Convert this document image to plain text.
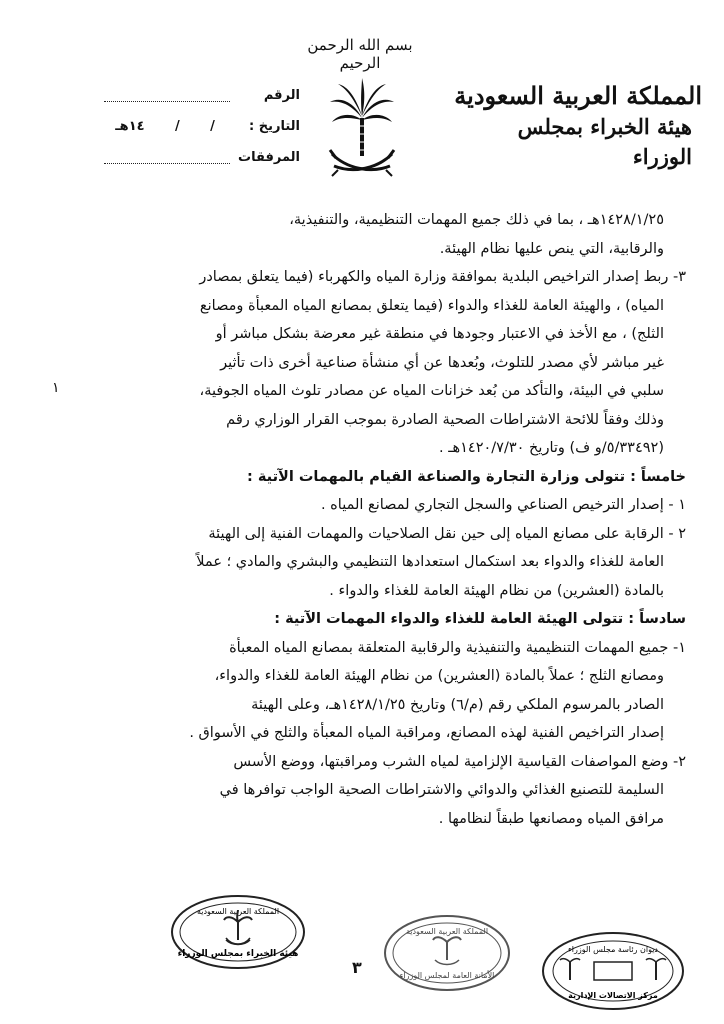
بسم الله الرحمن الرحيم
المملكة العربية السعودية
هيئة الخبراء بمجلس الوزراء
الرقم
التاريخ :
/
/
١٤هـ
المرفقات
١٤٢٨/١/٢٥هـ ، بما في ذلك جميع المهمات التنظيمية، والتنفيذية،
والرقابية، التي ينص عليها نظام الهيئة.
٣- ربط إصدار التراخيص البلدية بموافقة وزارة المياه والكهرباء (فيما يتعلق بمصادر
المياه) ، والهيئة العامة للغذاء والدواء (فيما يتعلق بمصانع المياه المعبأة ومصانع
الثلج) ، مع الأخذ في الاعتبار وجودها في منطقة غير معرضة بشكل مباشر أو
غير مباشر لأي مصدر للتلوث، وبُعدها عن أي منشأة صناعية أخرى ذات تأثير
سلبي في البيئة، والتأكد من بُعد خزانات المياه عن مصادر تلوث المياه الجوفية،
وذلك وفقاً للائحة الاشتراطات الصحية الصادرة بموجب القرار الوزاري رقم
(٥/٣٣٤٩٢/و ف) وتاريخ ١٤٢٠/٧/٣٠هـ .
خامساً : تتولى وزارة التجارة والصناعة القيام بالمهمات الآتية :
١ - إصدار الترخيص الصناعي والسجل التجاري لمصانع المياه .
٢ - الرقابة على مصانع المياه إلى حين نقل الصلاحيات والمهمات الفنية إلى الهيئة
العامة للغذاء والدواء بعد استكمال استعدادها التنظيمي والبشري والمادي ؛ عملاً
بالمادة (العشرين) من نظام الهيئة العامة للغذاء والدواء .
سادساً : تتولى الهيئة العامة للغذاء والدواء المهمات الآتية :
١- جميع المهمات التنظيمية والتنفيذية والرقابية المتعلقة بمصانع المياه المعبأة
ومصانع الثلج ؛ عملاً بالمادة (العشرين) من نظام الهيئة العامة للغذاء والدواء،
الصادر بالمرسوم الملكي رقم (م/٦) وتاريخ ١٤٢٨/١/٢٥هـ، وعلى الهيئة
إصدار التراخيص الفنية لهذه المصانع، ومراقبة المياه المعبأة والثلج في الأسواق .
٢- وضع المواصفات القياسية الإلزامية لمياه الشرب ومراقبتها، ووضع الأسس
السليمة للتصنيع الغذائي والدوائي والاشتراطات الصحية الواجب توافرها في
مرافق المياه ومصانعها طبقاً لنظامها .
١
المملكة العربية السعودية
هيئة الخبراء بمجلس الوزراء
المملكة العربية السعودية
الأمانة العامة لمجلس الوزراء
ديوان رئاسة مجلس الوزراء
مركز الاتصالات الإدارية
٣
